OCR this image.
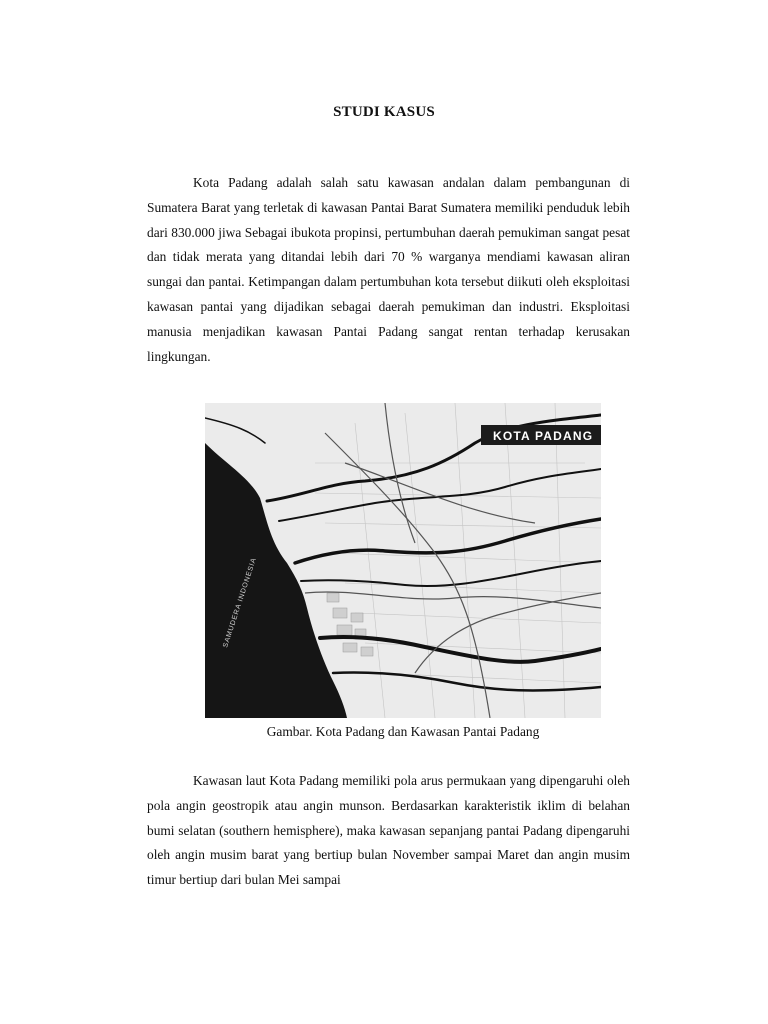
STUDI KASUS

Kota Padang adalah salah satu kawasan andalan dalam pembangunan di Sumatera Barat yang terletak di kawasan Pantai Barat Sumatera memiliki penduduk lebih dari 830.000 jiwa Sebagai ibukota propinsi, pertumbuhan daerah pemukiman sangat pesat dan tidak merata yang ditandai lebih dari 70 % warganya mendiami kawasan aliran sungai dan pantai. Ketimpangan dalam pertumbuhan kota tersebut diikuti oleh eksploitasi kawasan pantai yang dijadikan sebagai daerah pemukiman dan industri. Eksploitasi manusia menjadikan kawasan Pantai Padang sangat rentan terhadap kerusakan lingkungan.

KOTA PADANG
SAMUDERA INDONESIA
Gambar. Kota Padang dan Kawasan Pantai Padang

Kawasan laut Kota Padang memiliki pola arus permukaan yang dipengaruhi oleh pola angin geostropik atau angin munson. Berdasarkan karakteristik iklim di belahan bumi selatan (southern hemisphere), maka kawasan sepanjang pantai Padang dipengaruhi oleh angin musim barat yang bertiup bulan November sampai Maret dan angin musim timur bertiup dari bulan Mei sampai
